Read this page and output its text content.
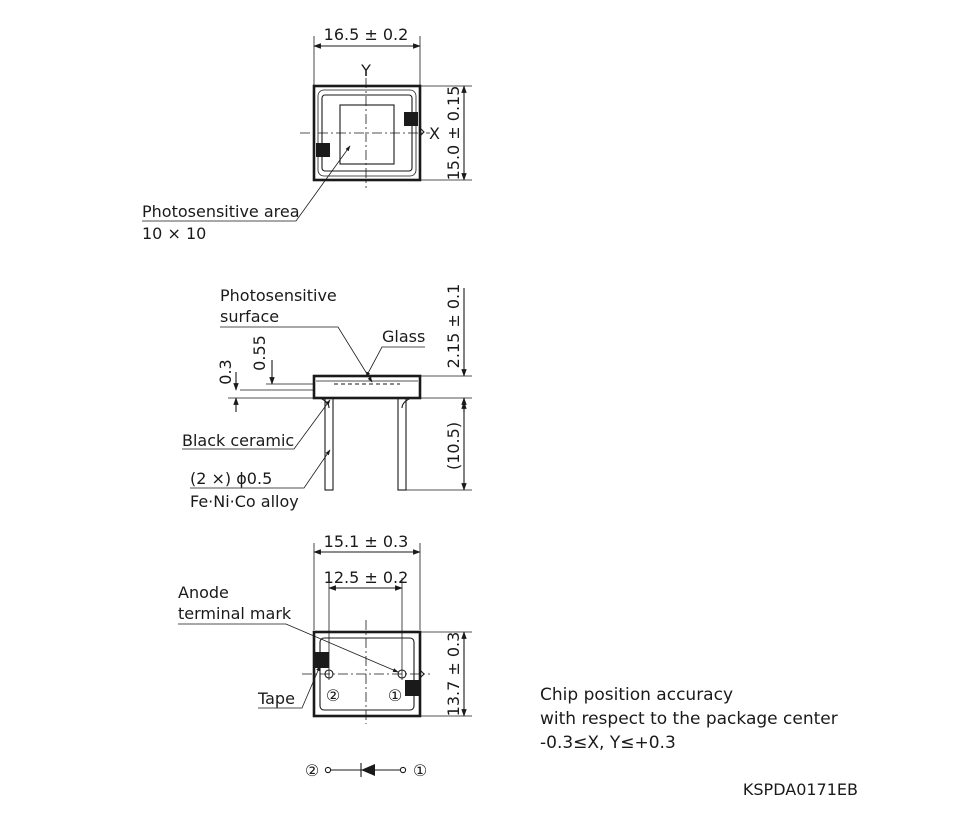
16.5 ± 0.2
Y
X 15.0 ± 0.15
Photosensitive area
10 × 10
Photosensitive
surface
Glass
0.55
0.3
2.15 ± 0.1
(10.5)
Black ceramic
(2 ×) ϕ0.5
Fe·Ni·Co alloy
15.1 ± 0.3
12.5 ± 0.2
②	①	13.7 ± 0.3
Anode
terminal mark
Tape
②	①
Chip position accuracy
with respect to the package center
-0.3≤X, Y≤+0.3
KSPDA0171EB
